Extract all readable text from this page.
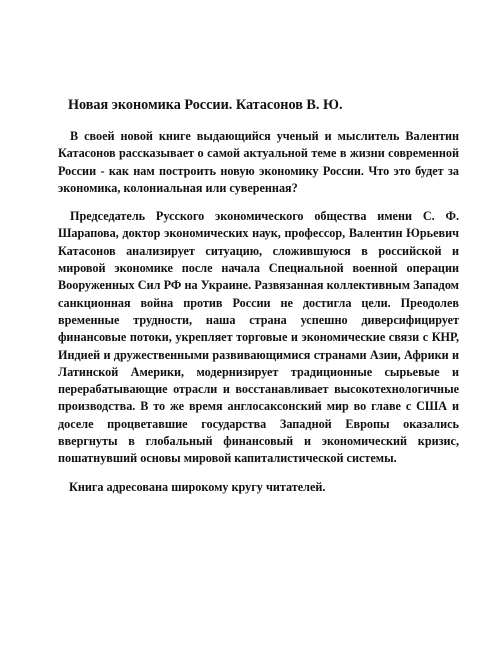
Новая экономика России. Катасонов В. Ю.

В своей новой книге выдающийся ученый и мыслитель Валентин Катасонов рассказывает о самой актуальной теме в жизни современной России - как нам построить новую экономику России. Что это будет за экономика, колониальная или суверенная?

Председатель Русского экономического общества имени С. Ф. Шарапова, доктор экономических наук, профессор, Валентин Юрьевич Катасонов анализирует ситуацию, сложившуюся в российской и мировой экономике после начала Специальной военной операции Вооруженных Сил РФ на Украине. Развязанная коллективным Западом санкционная война против России не достигла цели. Преодолев временные трудности, наша страна успешно диверсифицирует финансовые потоки, укрепляет торговые и экономические связи с КНР, Индией и дружественными развивающимися странами Азии, Африки и Латинской Америки, модернизирует традиционные сырьевые и перерабатывающие отрасли и восстанавливает высокотехнологичные производства. В то же время англосаксонский мир во главе с США и доселе процветавшие государства Западной Европы оказались ввергнуты в глобальный финансовый и экономический кризис, пошатнувший основы мировой капиталистической системы.

Книга адресована широкому кругу читателей.
